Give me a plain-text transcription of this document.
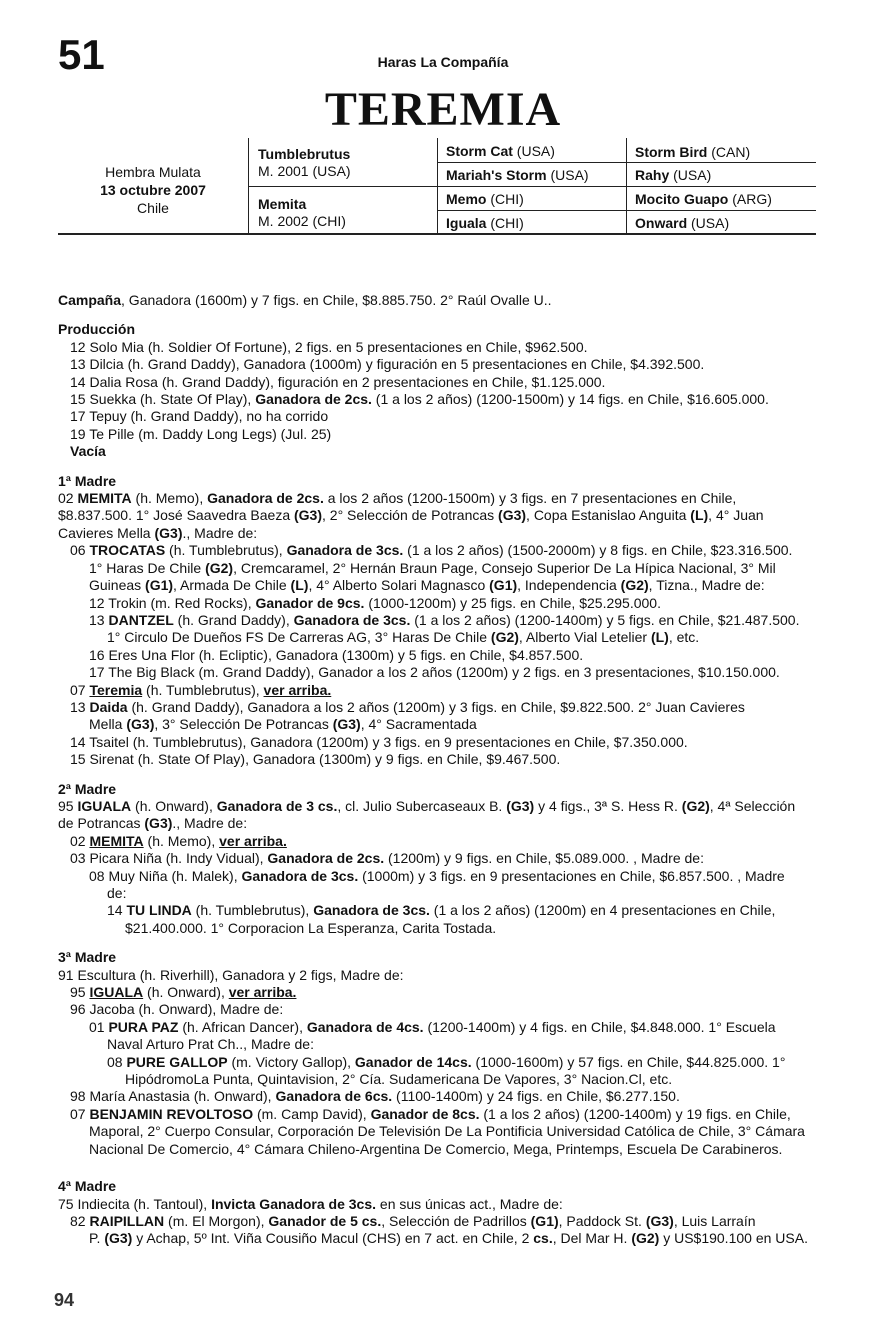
51	Haras La Compañía
TEREMIA
Hembra Mulata
13 octubre 2007
Chile
Tumblebrutus
M. 2001 (USA)
Memita
M. 2002 (CHI)
Storm Cat (USA)
Mariah's Storm (USA)
Memo (CHI)
Iguala (CHI)
Storm Bird (CAN)
Rahy (USA)
Mocito Guapo (ARG)
Onward (USA)
Campaña, Ganadora (1600m) y 7 figs. en Chile, $8.885.750. 2° Raúl Ovalle U..
Producción
12 Solo Mia (h. Soldier Of Fortune), 2 figs. en 5 presentaciones en Chile, $962.500.
13 Dilcia (h. Grand Daddy), Ganadora (1000m) y figuración en 5 presentaciones en Chile, $4.392.500.
14 Dalia Rosa (h. Grand Daddy), figuración en 2 presentaciones en Chile, $1.125.000.
15 Suekka (h. State Of Play), Ganadora de 2cs. (1 a los 2 años) (1200-1500m) y 14 figs. en Chile, $16.605.000.
17 Tepuy (h. Grand Daddy), no ha corrido
19 Te Pille (m. Daddy Long Legs) (Jul. 25)
Vacía
1ª Madre
02 MEMITA (h. Memo), Ganadora de 2cs. a los 2 años (1200-1500m) y 3 figs. en 7 presentaciones en Chile,
$8.837.500. 1° José Saavedra Baeza (G3), 2° Selección de Potrancas (G3), Copa Estanislao Anguita (L), 4° Juan
Cavieres Mella (G3)., Madre de:
06 TROCATAS (h. Tumblebrutus), Ganadora de 3cs. (1 a los 2 años) (1500-2000m) y 8 figs. en Chile, $23.316.500.
1° Haras De Chile (G2), Cremcaramel, 2° Hernán Braun Page, Consejo Superior De La Hípica Nacional, 3° Mil
Guineas (G1), Armada De Chile (L), 4° Alberto Solari Magnasco (G1), Independencia (G2), Tizna., Madre de:
12 Trokin (m. Red Rocks), Ganador de 9cs. (1000-1200m) y 25 figs. en Chile, $25.295.000.
13 DANTZEL (h. Grand Daddy), Ganadora de 3cs. (1 a los 2 años) (1200-1400m) y 5 figs. en Chile, $21.487.500.
1° Circulo De Dueños FS De Carreras AG, 3° Haras De Chile (G2), Alberto Vial Letelier (L), etc.
16 Eres Una Flor (h. Ecliptic), Ganadora (1300m) y 5 figs. en Chile, $4.857.500.
17 The Big Black (m. Grand Daddy), Ganador a los 2 años (1200m) y 2 figs. en 3 presentaciones, $10.150.000.
07 Teremia (h. Tumblebrutus), ver arriba.
13 Daida (h. Grand Daddy), Ganadora a los 2 años (1200m) y 3 figs. en Chile, $9.822.500. 2° Juan Cavieres
Mella (G3), 3° Selección De Potrancas (G3), 4° Sacramentada
14 Tsaitel (h. Tumblebrutus), Ganadora (1200m) y 3 figs. en 9 presentaciones en Chile, $7.350.000.
15 Sirenat (h. State Of Play), Ganadora (1300m) y 9 figs. en Chile, $9.467.500.
2ª Madre
95 IGUALA (h. Onward), Ganadora de 3 cs., cl. Julio Subercaseaux B. (G3) y 4 figs., 3ª S. Hess R. (G2), 4ª Selección
de Potrancas (G3)., Madre de:
02 MEMITA (h. Memo), ver arriba.
03 Picara Niña (h. Indy Vidual), Ganadora de 2cs. (1200m) y 9 figs. en Chile, $5.089.000. , Madre de:
08 Muy Niña (h. Malek), Ganadora de 3cs. (1000m) y 3 figs. en 9 presentaciones en Chile, $6.857.500. , Madre
de:
14 TU LINDA (h. Tumblebrutus), Ganadora de 3cs. (1 a los 2 años) (1200m) en 4 presentaciones en Chile,
$21.400.000. 1° Corporacion La Esperanza, Carita Tostada.
3ª Madre
91 Escultura (h. Riverhill), Ganadora y 2 figs, Madre de:
95 IGUALA (h. Onward), ver arriba.
96 Jacoba (h. Onward), Madre de:
01 PURA PAZ (h. African Dancer), Ganadora de 4cs. (1200-1400m) y 4 figs. en Chile, $4.848.000. 1° Escuela
Naval Arturo Prat Ch.., Madre de:
08 PURE GALLOP (m. Victory Gallop), Ganador de 14cs. (1000-1600m) y 57 figs. en Chile, $44.825.000. 1°
HipódromoLa Punta, Quintavision, 2° Cía. Sudamericana De Vapores, 3° Nacion.Cl, etc.
98 María Anastasia (h. Onward), Ganadora de 6cs. (1100-1400m) y 24 figs. en Chile, $6.277.150.
07 BENJAMIN REVOLTOSO (m. Camp David), Ganador de 8cs. (1 a los 2 años) (1200-1400m) y 19 figs. en Chile,
Maporal, 2° Cuerpo Consular, Corporación De Televisión De La Pontificia Universidad Católica de Chile, 3° Cámara
Nacional De Comercio, 4° Cámara Chileno-Argentina De Comercio, Mega, Printemps, Escuela De Carabineros.
4ª Madre
75 Indiecita (h. Tantoul), Invicta Ganadora de 3cs. en sus únicas act., Madre de:
82 RAIPILLAN (m. El Morgon), Ganador de 5 cs., Selección de Padrillos (G1), Paddock St. (G3), Luis Larraín
P. (G3) y Achap, 5º Int. Viña Cousiño Macul (CHS) en 7 act. en Chile, 2 cs., Del Mar H. (G2) y US$190.100 en USA.
94
